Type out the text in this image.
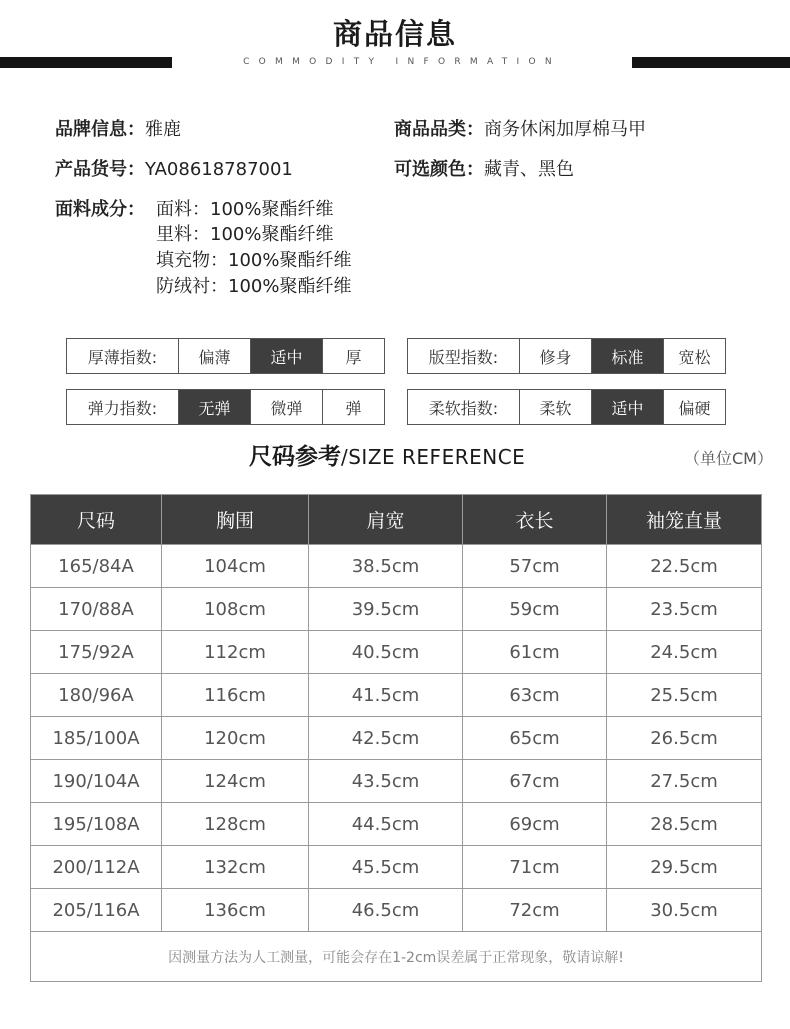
商品信息
COMMODITY INFORMATION
品牌信息：雅鹿	商品品类：商务休闲加厚棉马甲
产品货号：YA08618787001	可选颜色：藏青、黑色
面料成分： 面料：100%聚酯纤维
里料：100%聚酯纤维
填充物：100%聚酯纤维
防绒衬：100%聚酯纤维
厚薄指数:	偏薄	适中	厚	版型指数:	修身	标准	宽松
弹力指数:	无弹	微弹	弹	柔软指数:	柔软	适中	偏硬
尺码参考/SIZE REFERENCE	（单位CM）
尺码	胸围	肩宽	衣长	袖笼直量
165/84A	104cm	38.5cm	57cm	22.5cm
170/88A	108cm	39.5cm	59cm	23.5cm
175/92A	112cm	40.5cm	61cm	24.5cm
180/96A	116cm	41.5cm	63cm	25.5cm
185/100A	120cm	42.5cm	65cm	26.5cm
190/104A	124cm	43.5cm	67cm	27.5cm
195/108A	128cm	44.5cm	69cm	28.5cm
200/112A	132cm	45.5cm	71cm	29.5cm
205/116A	136cm	46.5cm	72cm	30.5cm
因测量方法为人工测量，可能会存在1-2cm误差属于正常现象，敬请谅解!				
